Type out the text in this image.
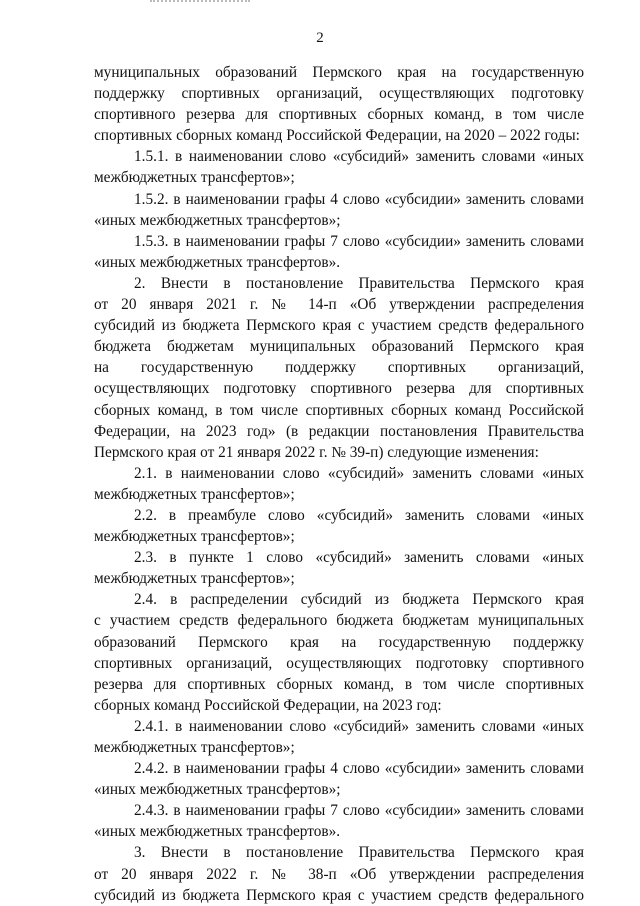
2
муниципальных образований Пермского края на государственную
поддержку спортивных организаций, осуществляющих подготовку
спортивного резерва для спортивных сборных команд, в том числе
спортивных сборных команд Российской Федерации, на 2020 – 2022 годы:
1.5.1. в наименовании слово «субсидий» заменить словами «иных
межбюджетных трансфертов»;
1.5.2. в наименовании графы 4 слово «субсидии» заменить словами
«иных межбюджетных трансфертов»;
1.5.3. в наименовании графы 7 слово «субсидии» заменить словами
«иных межбюджетных трансфертов».
2. Внести в постановление Правительства Пермского края
от 20 января 2021 г. № 14-п «Об утверждении распределения
субсидий из бюджета Пермского края с участием средств федерального
бюджета бюджетам муниципальных образований Пермского края
на государственную поддержку спортивных организаций,
осуществляющих подготовку спортивного резерва для спортивных
сборных команд, в том числе спортивных сборных команд Российской
Федерации, на 2023 год» (в редакции постановления Правительства
Пермского края от 21 января 2022 г. № 39-п) следующие изменения:
2.1. в наименовании слово «субсидий» заменить словами «иных
межбюджетных трансфертов»;
2.2. в преамбуле слово «субсидий» заменить словами «иных
межбюджетных трансфертов»;
2.3. в пункте 1 слово «субсидий» заменить словами «иных
межбюджетных трансфертов»;
2.4. в распределении субсидий из бюджета Пермского края
с участием средств федерального бюджета бюджетам муниципальных
образований Пермского края на государственную поддержку
спортивных организаций, осуществляющих подготовку спортивного
резерва для спортивных сборных команд, в том числе спортивных
сборных команд Российской Федерации, на 2023 год:
2.4.1. в наименовании слово «субсидий» заменить словами «иных
межбюджетных трансфертов»;
2.4.2. в наименовании графы 4 слово «субсидии» заменить словами
«иных межбюджетных трансфертов»;
2.4.3. в наименовании графы 7 слово «субсидии» заменить словами
«иных межбюджетных трансфертов».
3. Внести в постановление Правительства Пермского края
от 20 января 2022 г. № 38-п «Об утверждении распределения
субсидий из бюджета Пермского края с участием средств федерального
